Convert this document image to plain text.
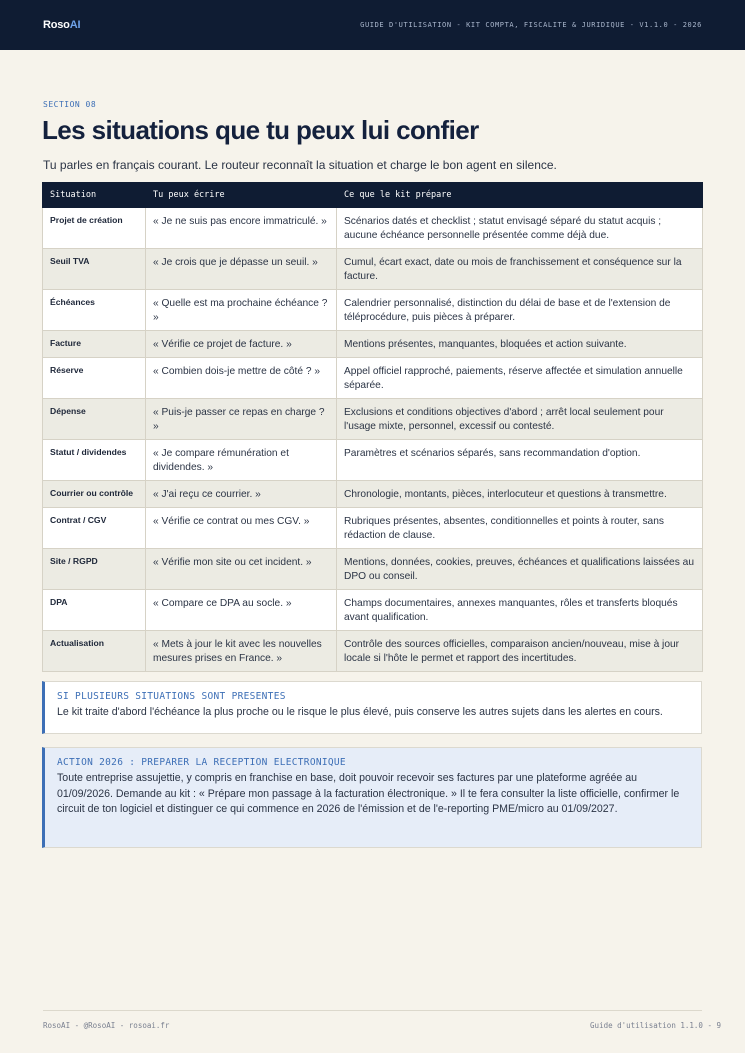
RosoAI	GUIDE D'UTILISATION - KIT COMPTA, FISCALITE & JURIDIQUE - V1.1.0 - 2026
SECTION 08
Les situations que tu peux lui confier
Tu parles en français courant. Le routeur reconnaît la situation et charge le bon agent en silence.
Situation	Tu peux écrire	Ce que le kit prépare
Projet de création	« Je ne suis pas encore immatriculé. »	Scénarios datés et checklist ; statut envisagé séparé du statut acquis ; aucune échéance personnelle présentée comme déjà due.
Seuil TVA	« Je crois que je dépasse un seuil. »	Cumul, écart exact, date ou mois de franchissement et conséquence sur la facture.
Échéances	« Quelle est ma prochaine échéance ? »	Calendrier personnalisé, distinction du délai de base et de l'extension de téléprocédure, puis pièces à préparer.
Facture	« Vérifie ce projet de facture. »	Mentions présentes, manquantes, bloquées et action suivante.
Réserve	« Combien dois-je mettre de côté ? »	Appel officiel rapproché, paiements, réserve affectée et simulation annuelle séparée.
Dépense	« Puis-je passer ce repas en charge ? »	Exclusions et conditions objectives d'abord ; arrêt local seulement pour l'usage mixte, personnel, excessif ou contesté.
Statut / dividendes	« Je compare rémunération et dividendes. »	Paramètres et scénarios séparés, sans recommandation d'option.
Courrier ou contrôle	« J'ai reçu ce courrier. »	Chronologie, montants, pièces, interlocuteur et questions à transmettre.
Contrat / CGV	« Vérifie ce contrat ou mes CGV. »	Rubriques présentes, absentes, conditionnelles et points à router, sans rédaction de clause.
Site / RGPD	« Vérifie mon site ou cet incident. »	Mentions, données, cookies, preuves, échéances et qualifications laissées au DPO ou conseil.
DPA	« Compare ce DPA au socle. »	Champs documentaires, annexes manquantes, rôles et transferts bloqués avant qualification.
Actualisation	« Mets à jour le kit avec les nouvelles mesures prises en France. »	Contrôle des sources officielles, comparaison ancien/nouveau, mise à jour locale si l'hôte le permet et rapport des incertitudes.
SI PLUSIEURS SITUATIONS SONT PRESENTES
Le kit traite d'abord l'échéance la plus proche ou le risque le plus élevé, puis conserve les autres sujets dans les alertes en cours.
ACTION 2026 : PREPARER LA RECEPTION ELECTRONIQUE
Toute entreprise assujettie, y compris en franchise en base, doit pouvoir recevoir ses factures par une plateforme agréée au 01/09/2026. Demande au kit : « Prépare mon passage à la facturation électronique. » Il te fera consulter la liste officielle, confirmer le circuit de ton logiciel et distinguer ce qui commence en 2026 de l'émission et de l'e-reporting PME/micro au 01/09/2027.
RosoAI - @RosoAI - rosoai.fr	Guide d'utilisation 1.1.0 - 9
